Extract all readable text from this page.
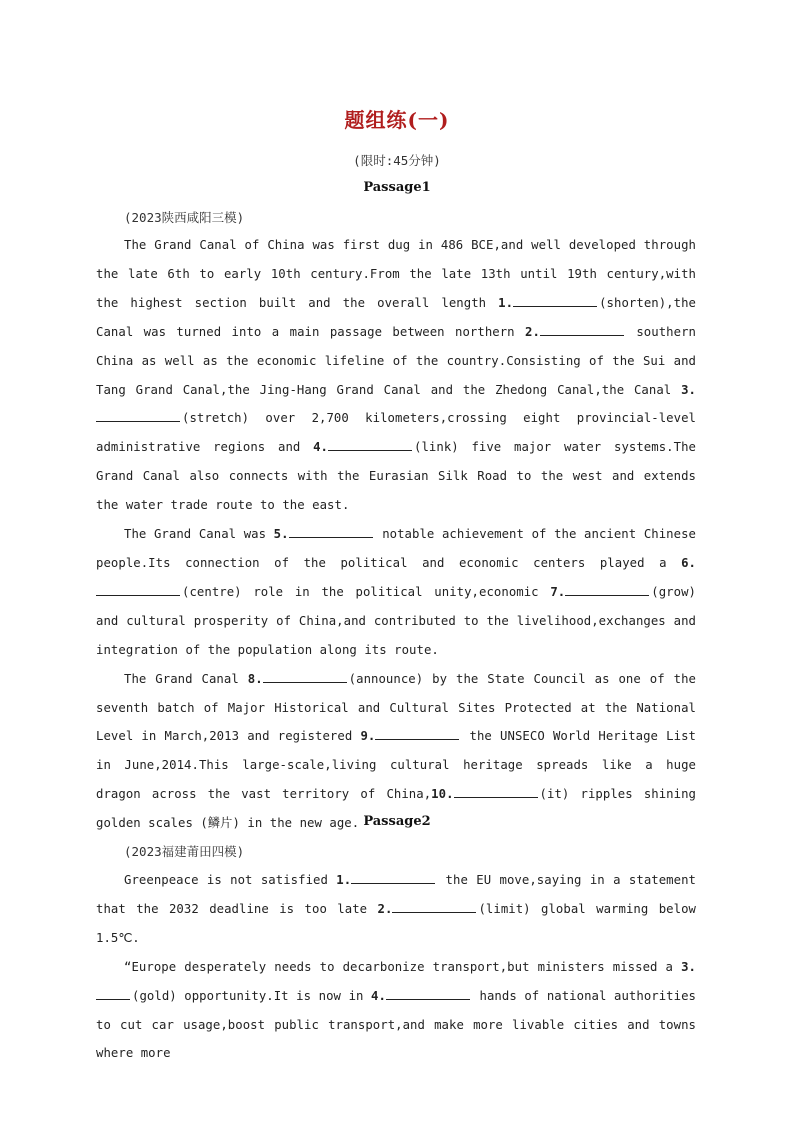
题组练(一)
(限时:45分钟)
Passage1
(2023陕西咸阳三模)

The Grand Canal of China was first dug in 486 BCE,and well developed through the late 6th to early 10th century.From the late 13th until 19th century,with the highest section built and the overall length 1.	(shorten),the Canal was turned into a main passage between northern 2.	southern China as well as the economic lifeline of the country.Consisting of the Sui and Tang Grand Canal,the Jing-Hang Grand Canal and the Zhedong Canal,the Canal 3.(stretch) over 2,700 kilometers,crossing eight provincial-level administrative regions and 4.	(link) five major water systems.The Grand Canal also connects with the Eurasian Silk Road to the west and extends the water trade route to the east.

The Grand Canal was 5.	notable achievement of the ancient Chinese people.Its connection of the political and economic centers played a 6.(centre) role in the political unity,economic 7.	(grow) and cultural prosperity of China,and contributed to the livelihood,exchanges and integration of the population along its route.

The Grand Canal 8.	(announce) by the State Council as one of the seventh batch of Major Historical and Cultural Sites Protected at the National Level in March,2013 and registered 9.	the UNSECO World Heritage List in June,2014.This large-scale,living cultural heritage spreads like a huge dragon across the vast territory of China,10.	(it) ripples shining golden scales (鳞片) in the new age. Passage2
(2023福建莆田四模)

Greenpeace is not satisfied 1.	the EU move,saying in a statement that the 2032 deadline is too late 2.	(limit) global warming below 1.5℃.

“Europe desperately needs to decarbonize transport,but ministers missed a 3.(gold) opportunity.It is now in 4.	hands of national authorities to cut car usage,boost public transport,and make more livable cities and towns where more
